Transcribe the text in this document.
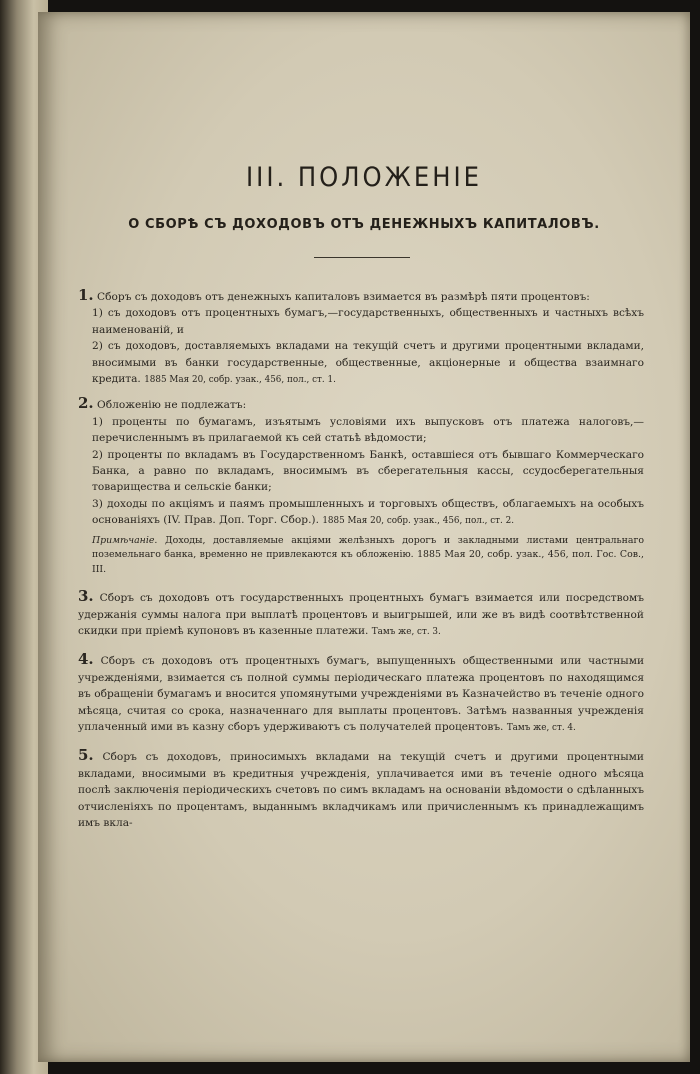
III. ПОЛОЖЕНІЕ
О СБОРѢ СЪ ДОХОДОВЪ ОТЪ ДЕНЕЖНЫХЪ КАПИТАЛОВЪ.

1. Сборъ съ доходовъ отъ денежныхъ капиталовъ взимается въ размѣрѣ пяти процентовъ:

1) съ доходовъ отъ процентныхъ бумагъ,—государственныхъ, общественныхъ и частныхъ всѣхъ наименованій, и

2) съ доходовъ, доставляемыхъ вкладами на текущій счетъ и другими процентными вкладами, вносимыми въ банки государственные, общественные, акціонерные и общества взаимнаго кредита. 1885 Мая 20, собр. узак., 456, пол., ст. 1.

2. Обложенію не подлежатъ:

1) проценты по бумагамъ, изъятымъ условіями ихъ выпусковъ отъ платежа налоговъ,—перечисленнымъ въ прилагаемой къ сей статьѣ вѣдомости;

2) проценты по вкладамъ въ Государственномъ Банкѣ, оставшіеся отъ бывшаго Коммерческаго Банка, а равно по вкладамъ, вносимымъ въ сберегательныя кассы, ссудосберегательныя товарищества и сельскіе банки;

3) доходы по акціямъ и паямъ промышленныхъ и торговыхъ обществъ, облагаемыхъ на особыхъ основаніяхъ (IV. Прав. Доп. Торг. Сбор.). 1885 Мая 20, собр. узак., 456, пол., ст. 2.

Примѣчаніе. Доходы, доставляемые акціями желѣзныхъ дорогъ и закладными листами центральнаго поземельнаго банка, временно не привлекаются къ обложенію. 1885 Мая 20, собр. узак., 456, пол. Гос. Сов., III.

3. Сборъ съ доходовъ отъ государственныхъ процентныхъ бумагъ взимается или посредствомъ удержанія суммы налога при выплатѣ процентовъ и выигрышей, или же въ видѣ соотвѣтственной скидки при пріемѣ купоновъ въ казенные платежи. Тамъ же, ст. 3.

4. Сборъ съ доходовъ отъ процентныхъ бумагъ, выпущенныхъ общественными или частными учрежденіями, взимается съ полной суммы періодическаго платежа процентовъ по находящимся въ обращеніи бумагамъ и вносится упомянутыми учрежденіями въ Казначейство въ теченіе одного мѣсяца, считая со срока, назначеннаго для выплаты процентовъ. Затѣмъ названныя учрежденія уплаченный ими въ казну сборъ удерживаютъ съ получателей процентовъ. Тамъ же, ст. 4.

5. Сборъ съ доходовъ, приносимыхъ вкладами на текущій счетъ и другими процентными вкладами, вносимыми въ кредитныя учрежденія, уплачивается ими въ теченіе одного мѣсяца послѣ заключенія періодическихъ счетовъ по симъ вкладамъ на основаніи вѣдомости о сдѣланныхъ отчисленіяхъ по процентамъ, выданнымъ вкладчикамъ или причисленнымъ къ принадлежащимъ имъ вкла-
